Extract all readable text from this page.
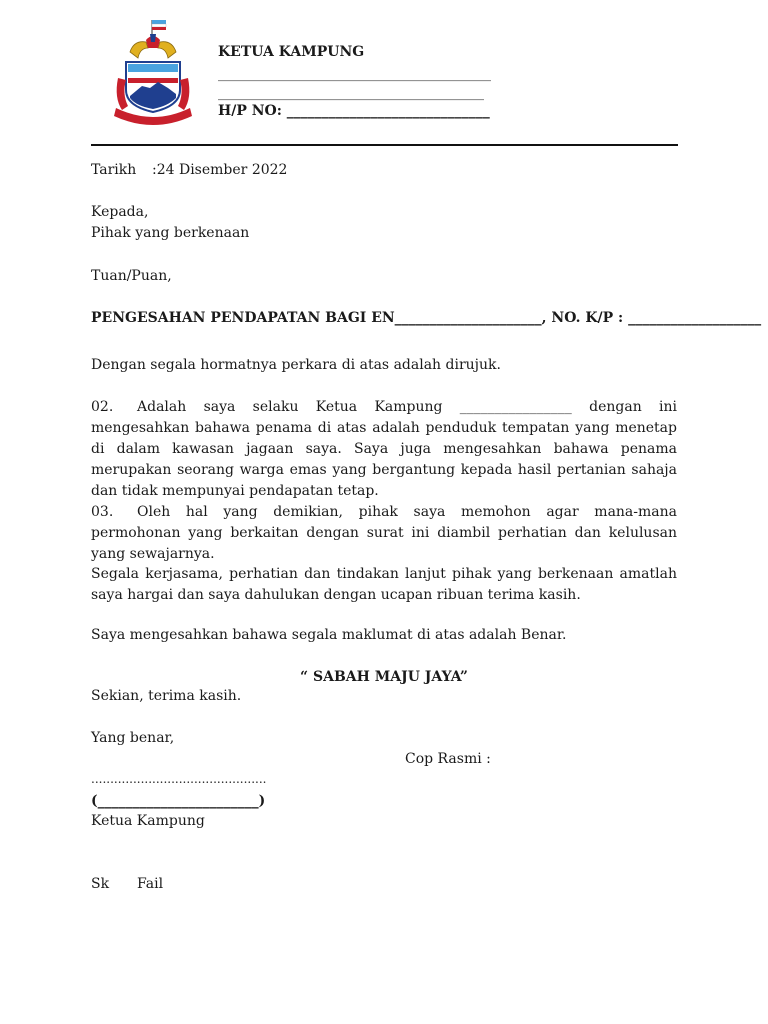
KETUA KAMPUNG
_______________________________________
______________________________________
H/P NO: _____________________________
Tarikh :24 Disember 2022
Kepada,
Pihak yang berkenaan
Tuan/Puan,
PENGESAHAN PENDAPATAN BAGI EN_____________________, NO. K/P : ___________________
Dengan segala hormatnya perkara di atas adalah dirujuk.
02. Adalah saya selaku Ketua Kampung ________________ dengan ini mengesahkan bahawa penama di atas adalah penduduk tempatan yang menetap di dalam kawasan jagaan saya. Saya juga mengesahkan bahawa penama merupakan seorang warga emas yang bergantung kepada hasil pertanian sahaja dan tidak mempunyai pendapatan tetap.
03. Oleh hal yang demikian, pihak saya memohon agar mana-mana permohonan yang berkaitan dengan surat ini diambil perhatian dan kelulusan yang sewajarnya.
Segala kerjasama, perhatian dan tindakan lanjut pihak yang berkenaan amatlah saya hargai dan saya dahulukan dengan ucapan ribuan terima kasih.
Saya mengesahkan bahawa segala maklumat di atas adalah Benar.
“ SABAH MAJU JAYA”
Sekian, terima kasih.
Yang benar,
Cop Rasmi :
..............................................
(_______________________)
Ketua Kampung
Sk Fail
